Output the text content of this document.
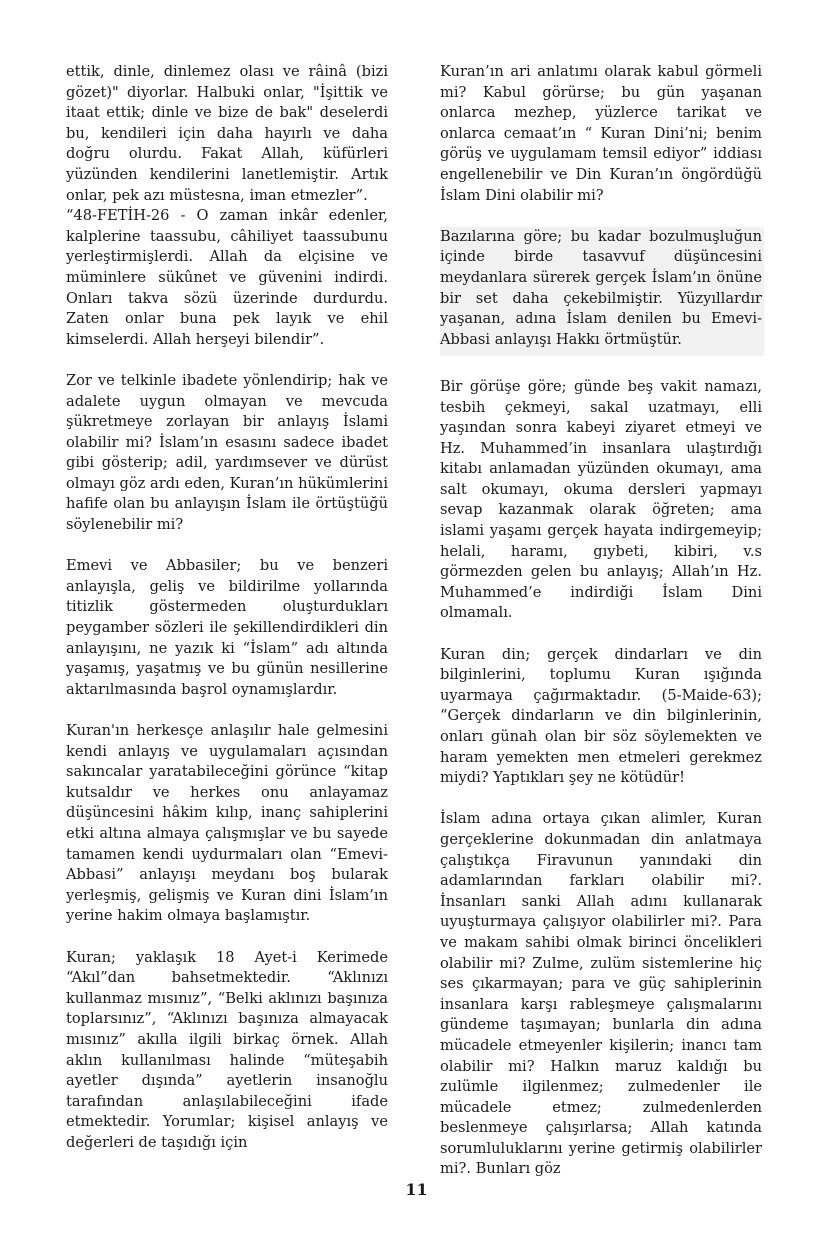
ettik, dinle, dinlemez olası ve râinâ (bizi gözet)" diyorlar. Halbuki onlar, "İşittik ve itaat ettik; dinle ve bize de bak" deselerdi bu, kendileri için daha hayırlı ve daha doğru olurdu. Fakat Allah, küfürleri yüzünden kendilerini lanetlemiştir. Artık onlar, pek azı müstesna, iman etmezler”.

“48-FETİH-26 - O zaman inkâr edenler, kalplerine taassubu, câhiliyet taassubunu yerleştirmişlerdi. Allah da elçisine ve müminlere sükûnet ve güvenini indirdi. Onları takva sözü üzerinde durdurdu. Zaten onlar buna pek layık ve ehil kimselerdi. Allah herşeyi bilendir”.

Zor ve telkinle ibadete yönlendirip; hak ve adalete uygun olmayan ve mevcuda şükretmeye zorlayan bir anlayış İslami olabilir mi? İslam’ın esasını sadece ibadet gibi gösterip; adil, yardımsever ve dürüst olmayı göz ardı eden, Kuran’ın hükümlerini hafife olan bu anlayışın İslam ile örtüştüğü söylenebilir mi?

Emevi ve Abbasiler; bu ve benzeri anlayışla, geliş ve bildirilme yollarında titizlik göstermeden oluşturdukları peygamber sözleri ile şekillendirdikleri din anlayışını, ne yazık ki “İslam” adı altında yaşamış, yaşatmış ve bu günün nesillerine aktarılmasında başrol oynamışlardır.

Kuran'ın herkesçe anlaşılır hale gelmesini kendi anlayış ve uygulamaları açısından sakıncalar yaratabileceğini görünce “kitap kutsaldır ve herkes onu anlayamaz düşüncesini hâkim kılıp, inanç sahiplerini etki altına almaya çalışmışlar ve bu sayede tamamen kendi uydurmaları olan “Emevi-Abbasi” anlayışı meydanı boş bularak yerleşmiş, gelişmiş ve Kuran dini İslam’ın yerine hakim olmaya başlamıştır.

Kuran; yaklaşık 18 Ayet-i Kerimede “Akıl”dan bahsetmektedir. “Aklınızı kullanmaz mısınız”, “Belki aklınızı başınıza toplarsınız”, “Aklınızı başınıza almayacak mısınız” akılla ilgili birkaç örnek. Allah aklın kullanılması halinde “müteşabih ayetler dışında” ayetlerin insanoğlu tarafından anlaşılabileceğini ifade etmektedir. Yorumlar; kişisel anlayış ve değerleri de taşıdığı için

Kuran’ın ari anlatımı olarak kabul görmeli mi? Kabul görürse; bu gün yaşanan onlarca mezhep, yüzlerce tarikat ve onlarca cemaat’ın “ Kuran Dini’ni; benim görüş ve uygulamam temsil ediyor” iddiası engellenebilir ve Din Kuran’ın öngördüğü İslam Dini olabilir mi?

Bazılarına göre; bu kadar bozulmuşluğun içinde birde tasavvuf düşüncesini meydanlara sürerek gerçek İslam’ın önüne bir set daha çekebilmiştir. Yüzyıllardır yaşanan, adına İslam denilen bu Emevi-Abbasi anlayışı Hakkı örtmüştür.

Bir görüşe göre; günde beş vakit namazı, tesbih çekmeyi, sakal uzatmayı, elli yaşından sonra kabeyi ziyaret etmeyi ve Hz. Muhammed’in insanlara ulaştırdığı kitabı anlamadan yüzünden okumayı, ama salt okumayı, okuma dersleri yapmayı sevap kazanmak olarak öğreten; ama islami yaşamı gerçek hayata indirgemeyip; helali, haramı, gıybeti, kibiri, v.s görmezden gelen bu anlayış; Allah’ın Hz. Muhammed’e indirdiği İslam Dini olmamalı.

Kuran din; gerçek dindarları ve din bilginlerini, toplumu Kuran ışığında uyarmaya çağırmaktadır. (5-Maide-63); “Gerçek dindarların ve din bilginlerinin, onları günah olan bir söz söylemekten ve haram yemekten men etmeleri gerekmez miydi? Yaptıkları şey ne kötüdür!

İslam adına ortaya çıkan alimler, Kuran gerçeklerine dokunmadan din anlatmaya çalıştıkça Firavunun yanındaki din adamlarından farkları olabilir mi?. İnsanları sanki Allah adını kullanarak uyuşturmaya çalışıyor olabilirler mi?. Para ve makam sahibi olmak birinci öncelikleri olabilir mi? Zulme, zulüm sistemlerine hiç ses çıkarmayan; para ve güç sahiplerinin insanlara karşı rableşmeye çalışmalarını gündeme taşımayan; bunlarla din adına mücadele etmeyenler kişilerin; inancı tam olabilir mi? Halkın maruz kaldığı bu zulümle ilgilenmez; zulmedenler ile mücadele etmez; zulmedenlerden beslenmeye çalışırlarsa; Allah katında sorumluluklarını yerine getirmiş olabilirler mi?. Bunları göz

11
